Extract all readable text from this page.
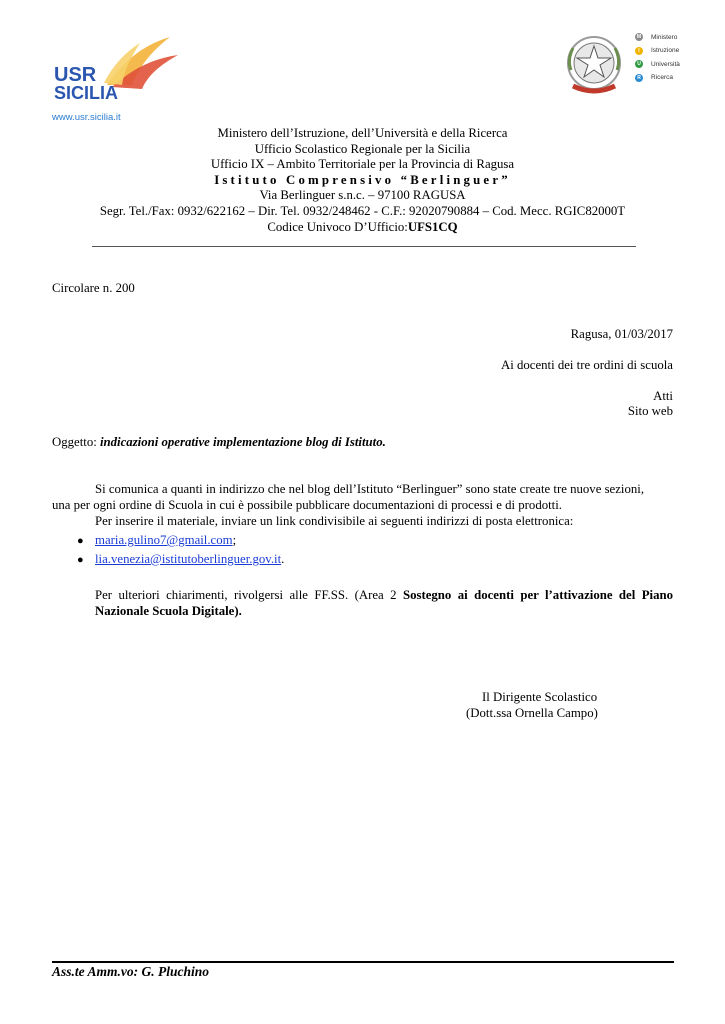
USR
SICILIA
www.usr.sicilia.it
M Ministero
I	Istruzione
U	Università
R	Ricerca
Ministero dell’Istruzione, dell’Università e della Ricerca
Ufficio Scolastico Regionale per la Sicilia
Ufficio IX – Ambito Territoriale per la Provincia di Ragusa
Istituto Comprensivo “Berlinguer”
Via Berlinguer s.n.c. – 97100 RAGUSA
Segr. Tel./Fax: 0932/622162 – Dir. Tel. 0932/248462 - C.F.: 92020790884 – Cod. Mecc. RGIC82000T
Codice Univoco D’Ufficio:UFS1CQ
Circolare n. 200
Ragusa, 01/03/2017
Ai docenti dei tre ordini di scuola
Atti
Sito web
Oggetto: indicazioni operative implementazione blog di Istituto.
Si comunica a quanti in indirizzo che nel blog dell’Istituto “Berlinguer” sono state create tre nuove sezioni,
una per ogni ordine di Scuola in cui è possibile pubblicare documentazioni di processi e di prodotti.
Per inserire il materiale, inviare un link condivisibile ai seguenti indirizzi di posta elettronica:
● maria.gulino7@gmail.com;
● lia.venezia@istitutoberlinguer.gov.it.
Per ulteriori chiarimenti, rivolgersi alle FF.SS. (Area 2 Sostegno ai docenti per l’attivazione del Piano
Nazionale Scuola Digitale).
Il Dirigente Scolastico
(Dott.ssa Ornella Campo)
Ass.te Amm.vo: G. Pluchino
